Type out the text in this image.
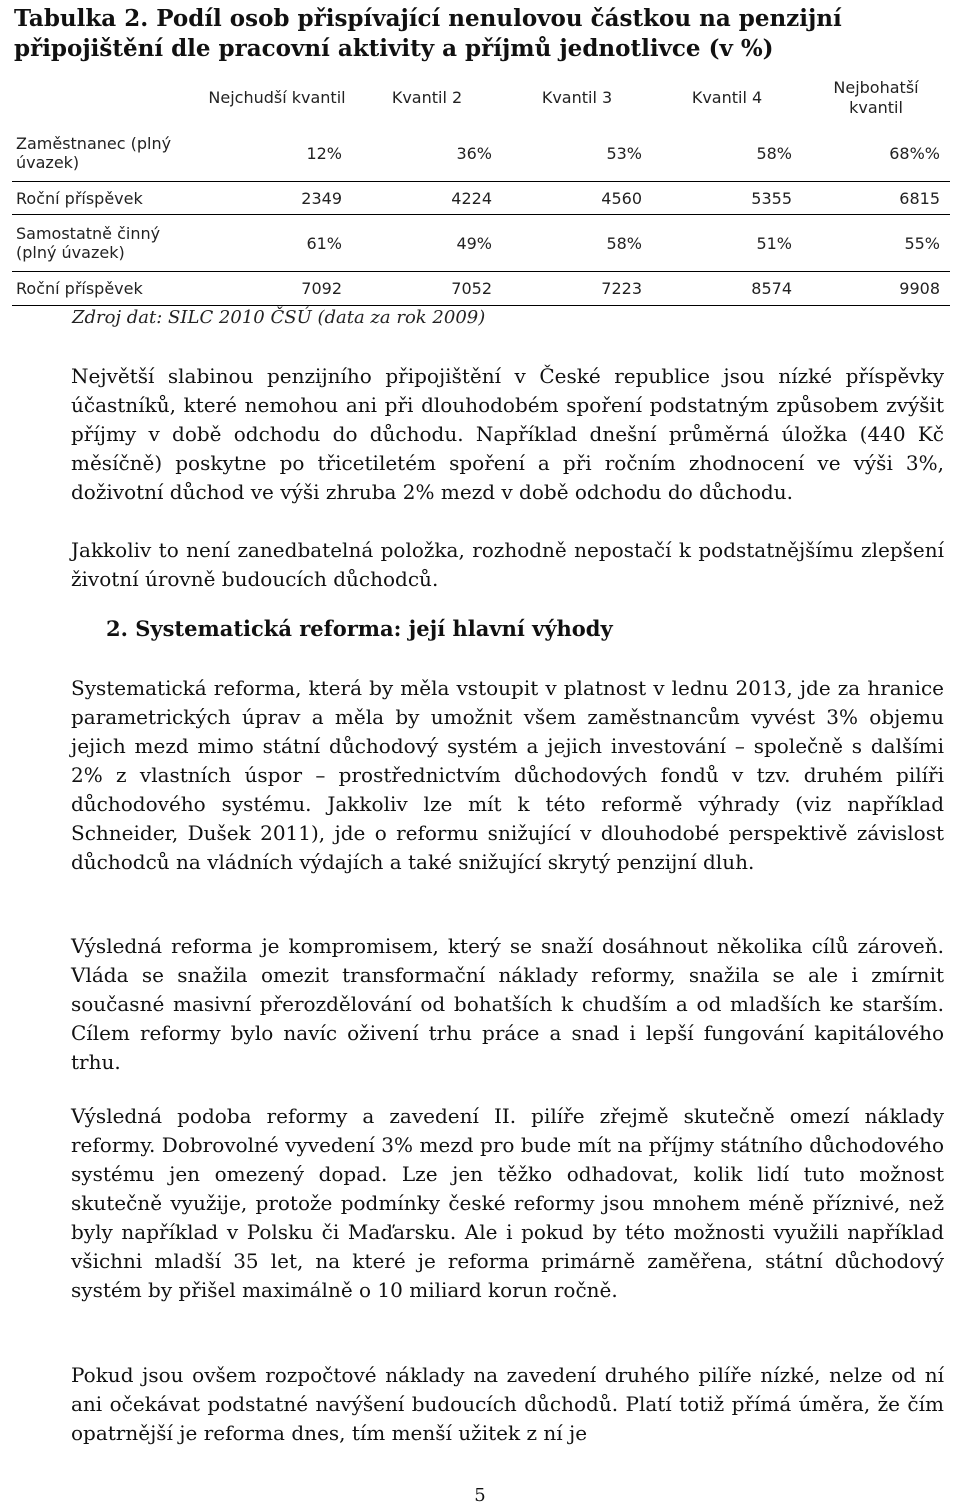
Tabulka 2. Podíl osob přispívající nenulovou částkou na penzijní připojištění dle pracovní aktivity a příjmů jednotlivce (v %)
	Nejchudší kvantil	Kvantil 2	Kvantil 3	Kvantil 4	Nejbohatší kvantil
Zaměstnanec (plný úvazek)	12%	36%	53%	58%	68%%
Roční příspěvek	2349	4224	4560	5355	6815
Samostatně činný (plný úvazek)	61%	49%	58%	51%	55%
Roční příspěvek	7092	7052	7223	8574	9908
Zdroj dat: SILC 2010 ČSÚ (data za rok 2009)

Největší slabinou penzijního připojištění v České republice jsou nízké příspěvky účastníků, které nemohou ani při dlouhodobém spoření podstatným způsobem zvýšit příjmy v době odchodu do důchodu. Například dnešní průměrná úložka (440 Kč měsíčně) poskytne po třicetiletém spoření a při ročním zhodnocení ve výši 3%, doživotní důchod ve výši zhruba 2% mezd v době odchodu do důchodu.

Jakkoliv to není zanedbatelná položka, rozhodně nepostačí k podstatnějšímu zlepšení životní úrovně budoucích důchodců.

2. Systematická reforma: její hlavní výhody

Systematická reforma, která by měla vstoupit v platnost v lednu 2013, jde za hranice parametrických úprav a měla by umožnit všem zaměstnancům vyvést 3% objemu jejich mezd mimo státní důchodový systém a jejich investování – společně s dalšími 2% z vlastních úspor – prostřednictvím důchodových fondů v tzv. druhém pilíři důchodového systému. Jakkoliv lze mít k této reformě výhrady (viz například Schneider, Dušek 2011), jde o reformu snižující v dlouhodobé perspektivě závislost důchodců na vládních výdajích a také snižující skrytý penzijní dluh.

Výsledná reforma je kompromisem, který se snaží dosáhnout několika cílů zároveň. Vláda se snažila omezit transformační náklady reformy, snažila se ale i zmírnit současné masivní přerozdělování od bohatších k chudším a od mladších ke starším. Cílem reformy bylo navíc oživení trhu práce a snad i lepší fungování kapitálového trhu.

Výsledná podoba reformy a zavedení II. pilíře zřejmě skutečně omezí náklady reformy. Dobrovolné vyvedení 3% mezd pro bude mít na příjmy státního důchodového systému jen omezený dopad. Lze jen těžko odhadovat, kolik lidí tuto možnost skutečně využije, protože podmínky české reformy jsou mnohem méně příznivé, než byly například v Polsku či Maďarsku. Ale i pokud by této možnosti využili například všichni mladší 35 let, na které je reforma primárně zaměřena, státní důchodový systém by přišel maximálně o 10 miliard korun ročně.

Pokud jsou ovšem rozpočtové náklady na zavedení druhého pilíře nízké, nelze od ní ani očekávat podstatné navýšení budoucích důchodů. Platí totiž přímá úměra, že čím opatrnější je reforma dnes, tím menší užitek z ní je

5
